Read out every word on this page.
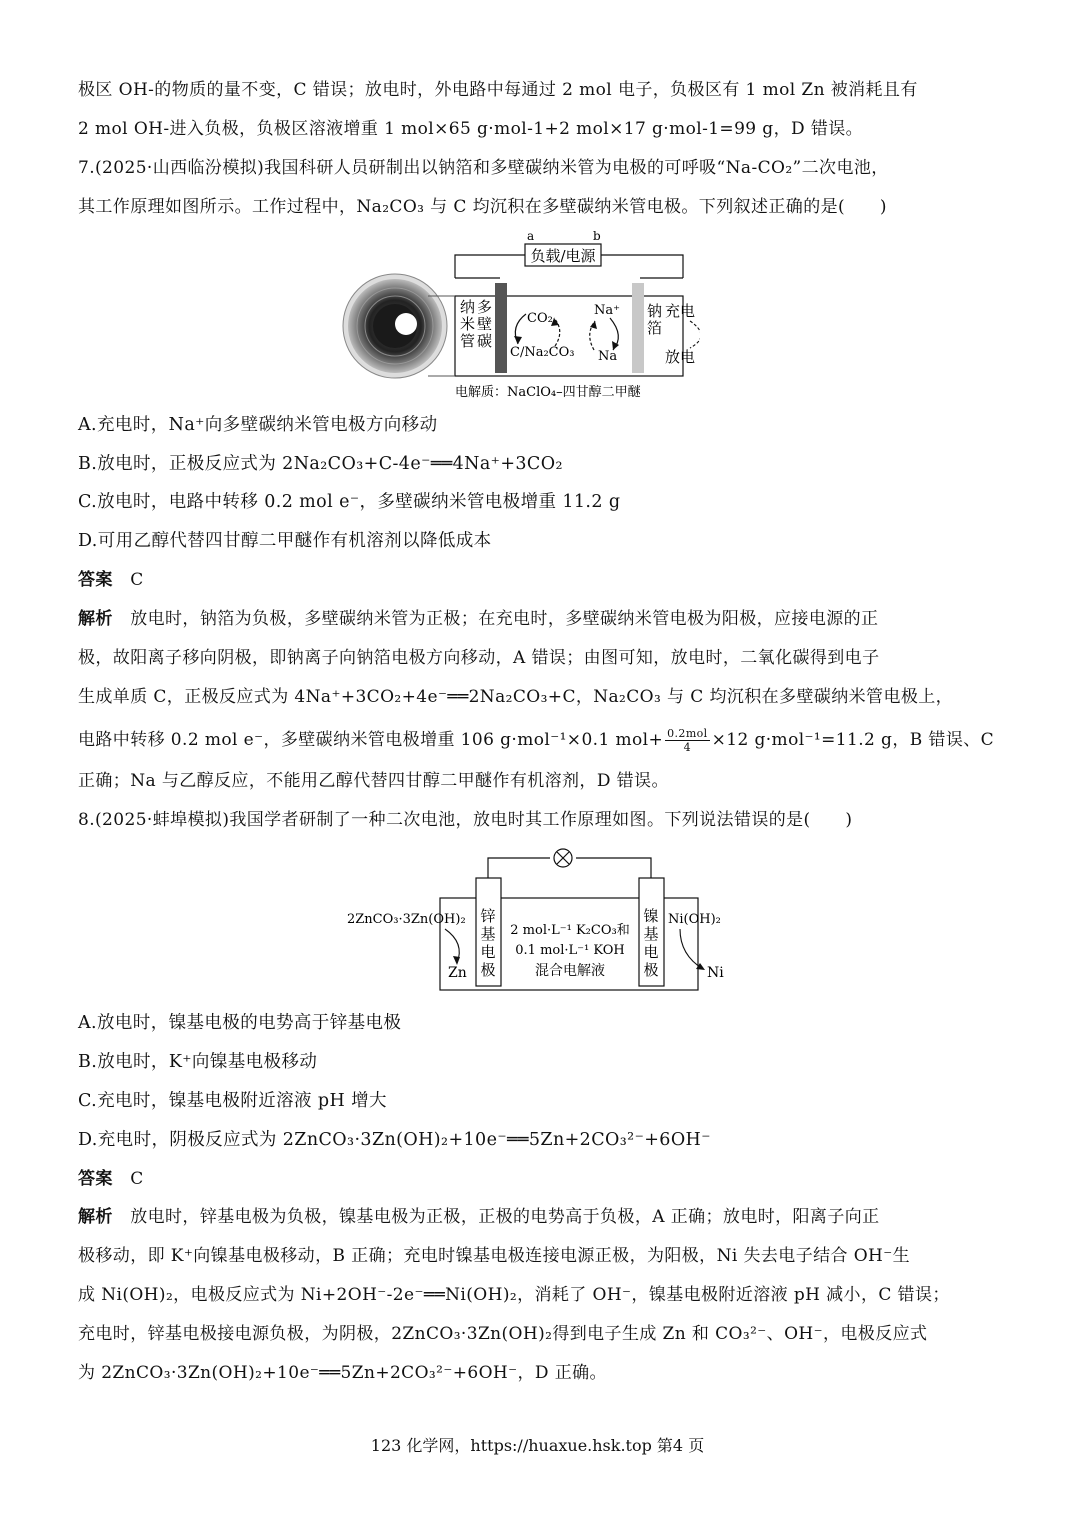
极区 OH-的物质的量不变，C 错误；放电时，外电路中每通过 2 mol 电子，负极区有 1 mol Zn 被消耗且有
2 mol OH-进入负极，负极区溶液增重 1 mol×65 g·mol-1+2 mol×17 g·mol-1=99 g，D 错误。
7.(2025·山西临汾模拟)我国科研人员研制出以钠箔和多壁碳纳米管为电极的可呼吸“Na-CO₂”二次电池，
其工作原理如图所示。工作过程中，Na₂CO₃ 与 C 均沉积在多壁碳纳米管电极。下列叙述正确的是(　　)
a	b
负载/电源
纳
米
管
多
壁
碳
CO₂
C/Na₂CO₃
Na⁺
Na
钠
箔
充电
放电
电解质：NaClO₄–四甘醇二甲醚
A.充电时，Na⁺向多壁碳纳米管电极方向移动
B.放电时，正极反应式为 2Na₂CO₃+C-4e⁻══4Na⁺+3CO₂
C.放电时，电路中转移 0.2 mol e⁻，多壁碳纳米管电极增重 11.2 g
D.可用乙醇代替四甘醇二甲醚作有机溶剂以降低成本
答案 C
解析 放电时，钠箔为负极，多壁碳纳米管为正极；在充电时，多壁碳纳米管电极为阳极，应接电源的正
极，故阳离子移向阴极，即钠离子向钠箔电极方向移动，A 错误；由图可知，放电时，二氧化碳得到电子
生成单质 C，正极反应式为 4Na⁺+3CO₂+4e⁻══2Na₂CO₃+C，Na₂CO₃ 与 C 均沉积在多壁碳纳米管电极上，
电路中转移 0.2 mol e⁻，多壁碳纳米管电极增重 106 g·mol⁻¹×0.1 $mol+ \frac{\text{0.2mol}}{4} \times 12$ g·mol⁻¹=11.2 g，B 错误、C
正确；Na 与乙醇反应，不能用乙醇代替四甘醇二甲醚作有机溶剂，D 错误。
8.(2025·蚌埠模拟)我国学者研制了一种二次电池，放电时其工作原理如图。下列说法错误的是(　　)
锌
基
电
极
镍
基
电
极
2 mol·L⁻¹ K₂CO₃和
0.1 mol·L⁻¹ KOH
混合电解液
2ZnCO₃·3Zn(OH)₂
Zn
Ni(OH)₂
Ni
A.放电时，镍基电极的电势高于锌基电极
B.放电时，K⁺向镍基电极移动
C.充电时，镍基电极附近溶液 pH 增大
D.充电时，阴极反应式为 2ZnCO₃·3Zn(OH)₂+10e⁻══5Zn+2CO₃²⁻+6OH⁻
答案 C
解析 放电时，锌基电极为负极，镍基电极为正极，正极的电势高于负极，A 正确；放电时，阳离子向正
极移动，即 K⁺向镍基电极移动，B 正确；充电时镍基电极连接电源正极，为阳极，Ni 失去电子结合 OH⁻生
成 Ni(OH)₂，电极反应式为 Ni+2OH⁻-2e⁻══Ni(OH)₂，消耗了 OH⁻，镍基电极附近溶液 pH 减小，C 错误；
充电时，锌基电极接电源负极，为阴极，2ZnCO₃·3Zn(OH)₂得到电子生成 Zn 和 CO₃²⁻、OH⁻，电极反应式
为 2ZnCO₃·3Zn(OH)₂+10e⁻══5Zn+2CO₃²⁻+6OH⁻，D 正确。
123 化学网，https://huaxue.hsk.top 第4 页
